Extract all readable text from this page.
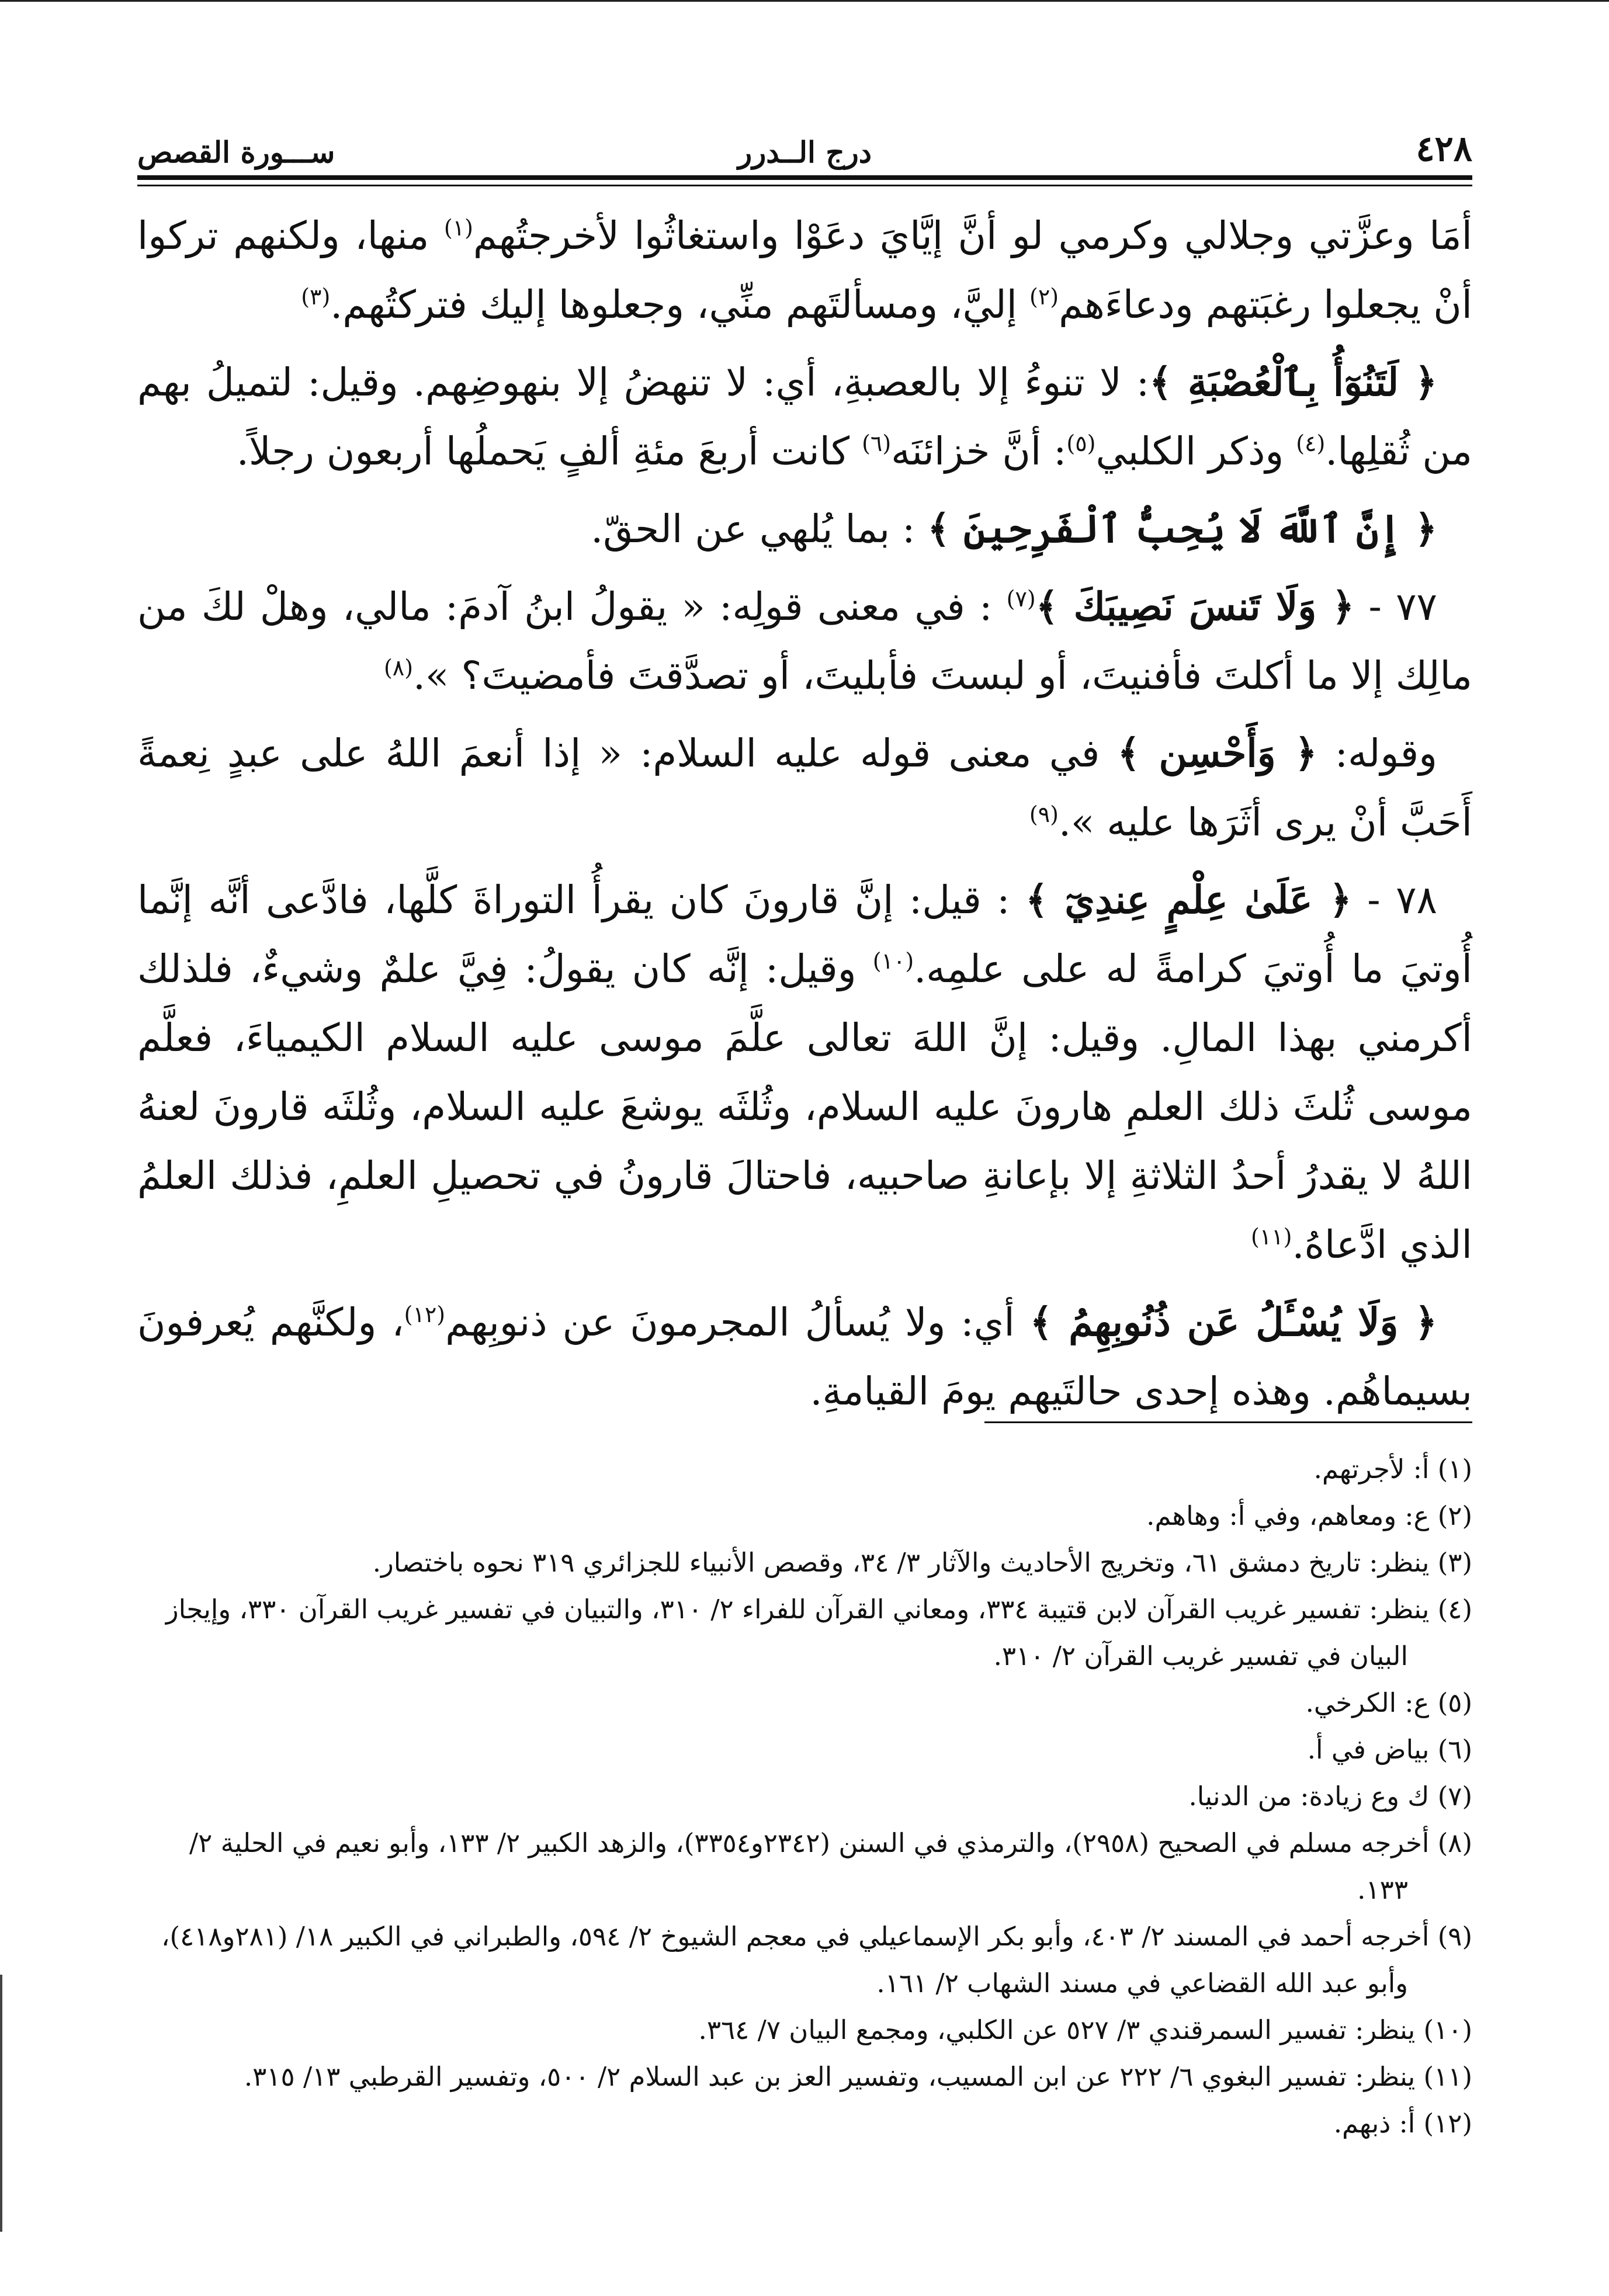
٤٢٨
درج الــدرر
ســـورة القصص

أمَا وعزَّتي وجلالي وكرمي لو أنَّ إيَّايَ دعَوْا واستغاثُوا لأخرجتُهم$^{(١)}$ منها، ولكنهم تركوا أنْ يجعلوا رغبَتهم ودعاءَهم$^{(٢)}$ إليَّ، ومسألتَهم منِّي، وجعلوها إليك فتركتُهم.$^{(٣)}$

﴿ لَتَنُوٓأُ بِٱلْعُصْبَةِ ﴾: لا تنوءُ إلا بالعصبةِ، أي: لا تنهضُ إلا بنهوضِهم. وقيل: لتميلُ بهم من ثُقلِها.$^{(٤)}$ وذكر الكلبي$^{(٥)}$: أنَّ خزائنَه$^{(٦)}$ كانت أربعَ مئةِ ألفٍ يَحملُها أربعون رجلاً.

﴿ إِنَّ ٱللَّهَ لَا يُحِبُّ ٱلْفَرِحِينَ ﴾ : بما يُلهي عن الحقّ.

٧٧ - ﴿ وَلَا تَنسَ نَصِيبَكَ ﴾$^{(٧)}$ : في معنى قولِه: « يقولُ ابنُ آدمَ: مالي، وهلْ لكَ من مالِك إلا ما أكلتَ فأفنيتَ، أو لبستَ فأبليتَ، أو تصدَّقتَ فأمضيتَ؟ ».$^{(٨)}$

وقوله: ﴿ وَأَحْسِن ﴾ في معنى قوله عليه السلام: « إذا أنعمَ اللهُ على عبدٍ نِعمةً أَحَبَّ أنْ يرى أثَرَها عليه ».$^{(٩)}$

٧٨ - ﴿ عَلَىٰ عِلْمٍ عِندِيٓ ﴾ : قيل: إنَّ قارونَ كان يقرأُ التوراةَ كلَّها، فادَّعى أنَّه إنَّما أُوتيَ ما أُوتيَ كرامةً له على علمِه.$^{(١٠)}$ وقيل: إنَّه كان يقولُ: فِيَّ علمٌ وشيءٌ، فلذلك أكرمني بهذا المالِ. وقيل: إنَّ اللهَ تعالى علَّمَ موسى عليه السلام الكيمياءَ، فعلَّم موسى ثُلثَ ذلك العلمِ هارونَ عليه السلام، وثُلثَه يوشعَ عليه السلام، وثُلثَه قارونَ لعنهُ اللهُ لا يقدرُ أحدُ الثلاثةِ إلا بإعانةِ صاحبيه، فاحتالَ قارونُ في تحصيلِ العلمِ، فذلك العلمُ الذي ادَّعاهُ.$^{(١١)}$

﴿ وَلَا يُسْـَٔلُ عَن ذُنُوبِهِمُ ﴾ أي: ولا يُسألُ المجرمونَ عن ذنوبِهم$^{(١٢)}$، ولكنَّهم يُعرفونَ بسيماهُم. وهذه إحدى حالتَيهم يومَ القيامةِ.

(١) أ: لأجرتهم.

(٢) ع: ومعاهم، وفي أ: وهاهم.

(٣) ينظر: تاريخ دمشق ٦١، وتخريج الأحاديث والآثار ٣/ ٣٤، وقصص الأنبياء للجزائري ٣١٩ نحوه باختصار.

(٤) ينظر: تفسير غريب القرآن لابن قتيبة ٣٣٤، ومعاني القرآن للفراء ٢/ ٣١٠، والتبيان في تفسير غريب القرآن ٣٣٠، وإيجاز البيان في تفسير غريب القرآن ٢/ ٣١٠.

(٥) ع: الكرخي.

(٦) بياض في أ.

(٧) ك وع زيادة: من الدنيا.

(٨) أخرجه مسلم في الصحيح (٢٩٥٨)، والترمذي في السنن (٢٣٤٢و٣٣٥٤)، والزهد الكبير ٢/ ١٣٣، وأبو نعيم في الحلية ٢/ ١٣٣.

(٩) أخرجه أحمد في المسند ٢/ ٤٠٣، وأبو بكر الإسماعيلي في معجم الشيوخ ٢/ ٥٩٤، والطبراني في الكبير ١٨/ (٢٨١و٤١٨)، وأبو عبد الله القضاعي في مسند الشهاب ٢/ ١٦١.

(١٠) ينظر: تفسير السمرقندي ٣/ ٥٢٧ عن الكلبي، ومجمع البيان ٧/ ٣٦٤.

(١١) ينظر: تفسير البغوي ٦/ ٢٢٢ عن ابن المسيب، وتفسير العز بن عبد السلام ٢/ ٥٠٠، وتفسير القرطبي ١٣/ ٣١٥.

(١٢) أ: ذبهم.
